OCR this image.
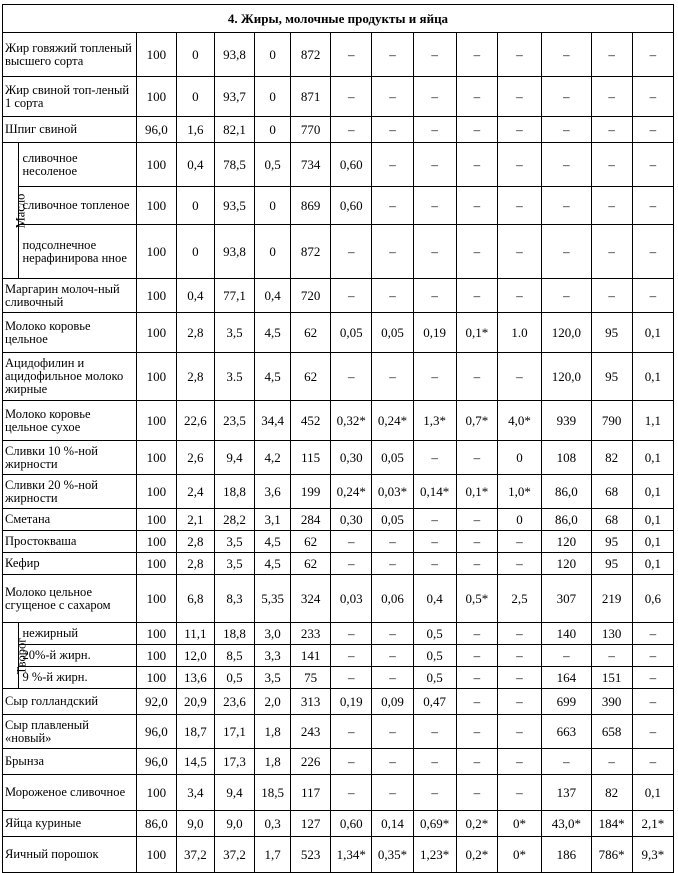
4. Жиры, молочные продукты и яйца														
Жир говяжий топленый высшего сорта		100	0	93,8	0	872	–	–	–	–	–	–	–	–
Жир свиной топ-леный 1 сорта		100	0	93,7	0	871	–	–	–	–	–	–	–	–
Шпиг свиной		96,0	1,6	82,1	0	770	–	–	–	–	–	–	–	–
Масло	сливочное несоленое	100	0,4	78,5	0,5	734	0,60	–	–	–	–	–	–	–
	сливочное топленое	100	0	93,5	0	869	0,60	–	–	–	–	–	–	–
	подсолнечное нерафинирова нное	100	0	93,8	0	872	–	–	–	–	–	–	–	–
Маргарин молоч-ный сливочный		100	0,4	77,1	0,4	720	–	–	–	–	–	–	–	–
Молоко коровье цельное		100	2,8	3,5	4,5	62	0,05	0,05	0,19	0,1*	1.0	120,0	95	0,1
Ацидофилин и ацидофильное молоко жирные		100	2,8	3.5	4,5	62	–	–	–	–	–	120,0	95	0,1
Молоко коровье цельное сухое		100	22,6	23,5	34,4	452	0,32*	0,24*	1,3*	0,7*	4,0*	939	790	1,1
Сливки 10 %-ной жирности		100	2,6	9,4	4,2	115	0,30	0,05	–	–	0	108	82	0,1
Сливки 20 %-ной жирности		100	2,4	18,8	3,6	199	0,24*	0,03*	0,14*	0,1*	1,0*	86,0	68	0,1
Сметана		100	2,1	28,2	3,1	284	0,30	0,05	–	–	0	86,0	68	0,1
Простокваша		100	2,8	3,5	4,5	62	–	–	–	–	–	120	95	0,1
Кефир		100	2,8	3,5	4,5	62	–	–	–	–	–	120	95	0,1
Молоко цельное сгущеное с сахаром		100	6,8	8,3	5,35	324	0,03	0,06	0,4	0,5*	2,5	307	219	0,6
Творог	нежирный	100	11,1	18,8	3,0	233	–	–	0,5	–	–	140	130	–
	20%-й жирн.	100	12,0	8,5	3,3	141	–	–	0,5	–	–	–	–	–
	9 %-й жирн.	100	13,6	0,5	3,5	75	–	–	0,5	–	–	164	151	–
Сыр голландский		92,0	20,9	23,6	2,0	313	0,19	0,09	0,47	–	–	699	390	–
Сыр плавленый «новый»		96,0	18,7	17,1	1,8	243	–	–	–	–	–	663	658	–
Брынза		96,0	14,5	17,3	1,8	226	–	–	–	–	–	–	–	–
Мороженое сливочное		100	3,4	9,4	18,5	117	–	–	–	–	–	137	82	0,1
Яйца куриные		86,0	9,0	9,0	0,3	127	0,60	0,14	0,69*	0,2*	0*	43,0*	184*	2,1*
Яичный порошок		100	37,2	37,2	1,7	523	1,34*	0,35*	1,23*	0,2*	0*	186	786*	9,3*
